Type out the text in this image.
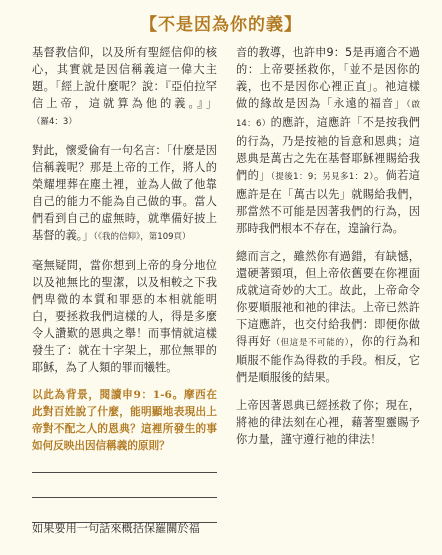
【不是因為你的義】

基督教信仰，以及所有聖經信仰的核心，其實就是因信稱義這一偉大主題。「經上說什麼呢？說：『亞伯拉罕信上帝，這就算為他的義。』」（羅4：3）

對此，懷愛倫有一句名言：「什麼是因信稱義呢？那是上帝的工作，將人的榮耀埋葬在塵土裡，並為人做了他靠自己的能力不能為自己做的事。當人們看到自己的虛無時，就準備好披上基督的義。」（《我的信仰》，第109頁）

毫無疑問，當你想到上帝的身分地位以及祂無比的聖潔，以及相較之下我們卑微的本質和罪惡的本相就能明白，要拯救我們這樣的人，得是多麼令人讚歎的恩典之舉！而事情就這樣發生了：就在十字架上，那位無罪的耶穌，為了人類的罪而犧牲。

以此為背景，閱讀申9：1-6。摩西在此對百姓說了什麼，能明顯地表現出上帝對不配之人的恩典？這裡所發生的事如何反映出因信稱義的原則？

如果要用一句話來概括保羅關於福

音的教導，也許申9：5是再適合不過的：上帝要拯救你，「並不是因你的義，也不是因你心裡正直」。祂這樣做的緣故是因為「永遠的福音」（啟14：6）的應許，這應許「不是按我們的行為，乃是按祂的旨意和恩典；這恩典是萬古之先在基督耶穌裡賜給我們的」（提後1：9；另見多1：2）。倘若這應許是在「萬古以先」就賜給我們，那當然不可能是因著我們的行為，因那時我們根本不存在，遑論行為。

總而言之，雖然你有過錯，有缺憾，還硬著頸項，但上帝依舊要在你裡面成就這奇妙的大工。故此，上帝命令你要順服祂和祂的律法。上帝已然許下這應許，也交付給我們：即便你做得再好（但這是不可能的），你的行為和順服不能作為得救的手段。相反，它們是順服後的結果。

上帝因著恩典已經拯救了你；現在，將祂的律法刻在心裡，藉著聖靈賜予你力量，謹守遵行祂的律法！
